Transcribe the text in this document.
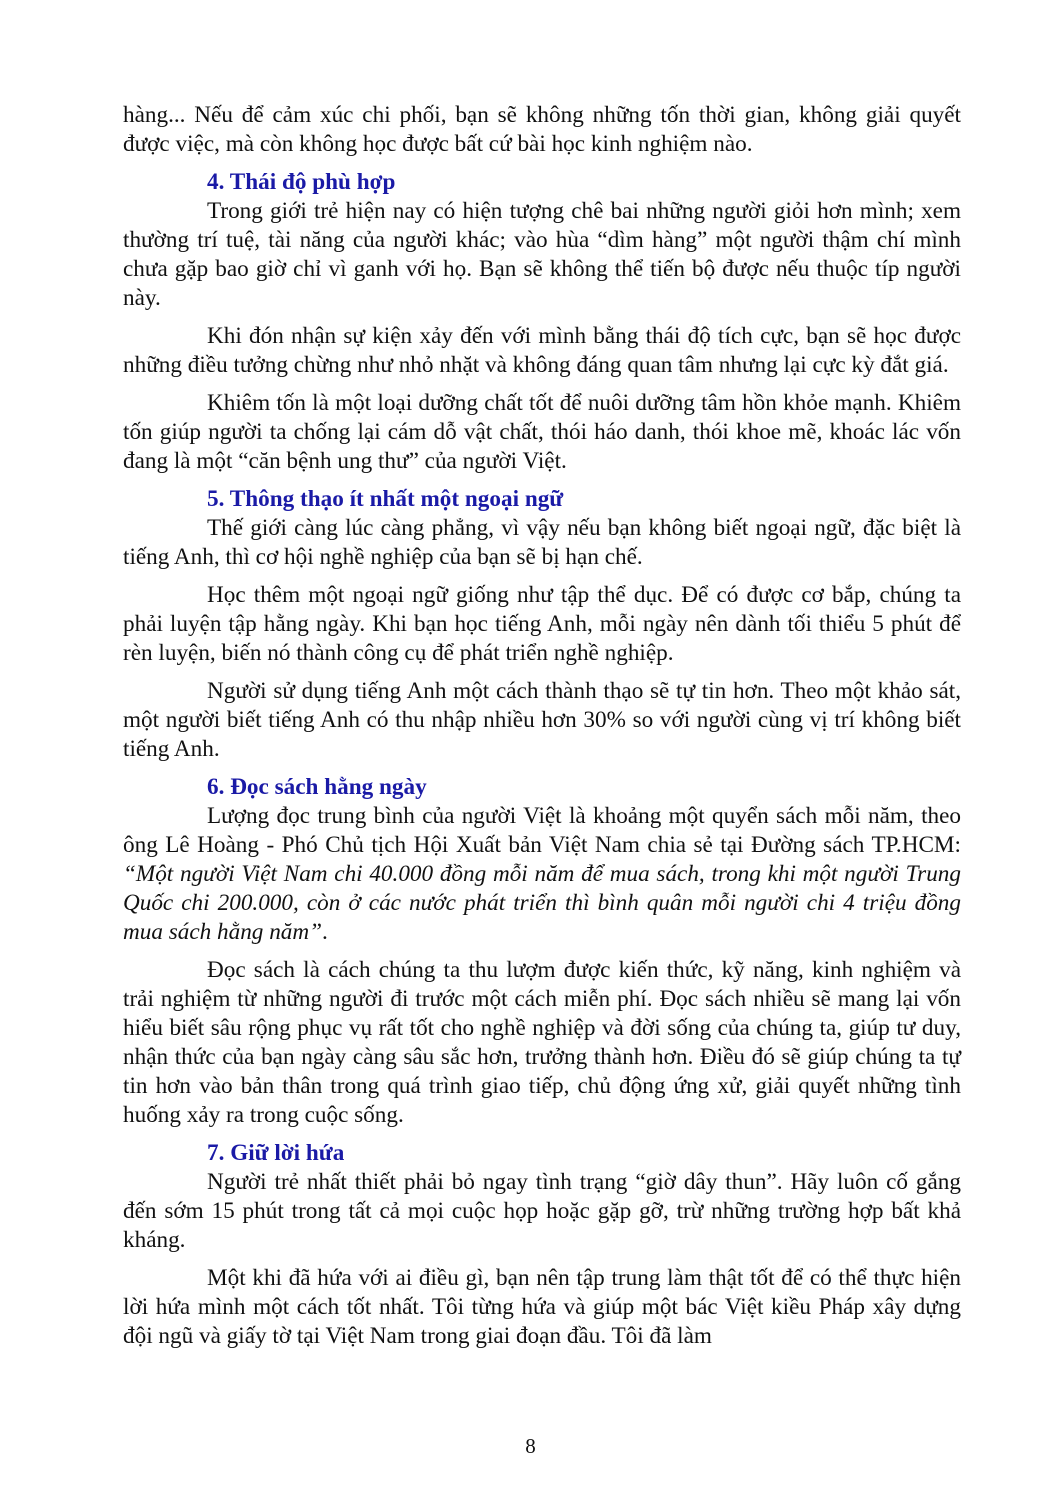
hàng... Nếu để cảm xúc chi phối, bạn sẽ không những tốn thời gian, không giải quyết được việc, mà còn không học được bất cứ bài học kinh nghiệm nào.

4. Thái độ phù hợp

Trong giới trẻ hiện nay có hiện tượng chê bai những người giỏi hơn mình; xem thường trí tuệ, tài năng của người khác; vào hùa “dìm hàng” một người thậm chí mình chưa gặp bao giờ chỉ vì ganh với họ. Bạn sẽ không thể tiến bộ được nếu thuộc típ người này.

Khi đón nhận sự kiện xảy đến với mình bằng thái độ tích cực, bạn sẽ học được những điều tưởng chừng như nhỏ nhặt và không đáng quan tâm nhưng lại cực kỳ đắt giá.

Khiêm tốn là một loại dưỡng chất tốt để nuôi dưỡng tâm hồn khỏe mạnh. Khiêm tốn giúp người ta chống lại cám dỗ vật chất, thói háo danh, thói khoe mẽ, khoác lác vốn đang là một “căn bệnh ung thư” của người Việt.

5. Thông thạo ít nhất một ngoại ngữ

Thế giới càng lúc càng phẳng, vì vậy nếu bạn không biết ngoại ngữ, đặc biệt là tiếng Anh, thì cơ hội nghề nghiệp của bạn sẽ bị hạn chế.

Học thêm một ngoại ngữ giống như tập thể dục. Để có được cơ bắp, chúng ta phải luyện tập hằng ngày. Khi bạn học tiếng Anh, mỗi ngày nên dành tối thiểu 5 phút để rèn luyện, biến nó thành công cụ để phát triển nghề nghiệp.

Người sử dụng tiếng Anh một cách thành thạo sẽ tự tin hơn. Theo một khảo sát, một người biết tiếng Anh có thu nhập nhiều hơn 30% so với người cùng vị trí không biết tiếng Anh.

6. Đọc sách hằng ngày

Lượng đọc trung bình của người Việt là khoảng một quyển sách mỗi năm, theo ông Lê Hoàng - Phó Chủ tịch Hội Xuất bản Việt Nam chia sẻ tại Đường sách TP.HCM: “Một người Việt Nam chi 40.000 đồng mỗi năm để mua sách, trong khi một người Trung Quốc chi 200.000, còn ở các nước phát triển thì bình quân mỗi người chi 4 triệu đồng mua sách hằng năm”.

Đọc sách là cách chúng ta thu lượm được kiến thức, kỹ năng, kinh nghiệm và trải nghiệm từ những người đi trước một cách miễn phí. Đọc sách nhiều sẽ mang lại vốn hiểu biết sâu rộng phục vụ rất tốt cho nghề nghiệp và đời sống của chúng ta, giúp tư duy, nhận thức của bạn ngày càng sâu sắc hơn, trưởng thành hơn. Điều đó sẽ giúp chúng ta tự tin hơn vào bản thân trong quá trình giao tiếp, chủ động ứng xử, giải quyết những tình huống xảy ra trong cuộc sống.

7. Giữ lời hứa

Người trẻ nhất thiết phải bỏ ngay tình trạng “giờ dây thun”. Hãy luôn cố gắng đến sớm 15 phút trong tất cả mọi cuộc họp hoặc gặp gỡ, trừ những trường hợp bất khả kháng.

Một khi đã hứa với ai điều gì, bạn nên tập trung làm thật tốt để có thể thực hiện lời hứa mình một cách tốt nhất. Tôi từng hứa và giúp một bác Việt kiều Pháp xây dựng đội ngũ và giấy tờ tại Việt Nam trong giai đoạn đầu. Tôi đã làm

8
